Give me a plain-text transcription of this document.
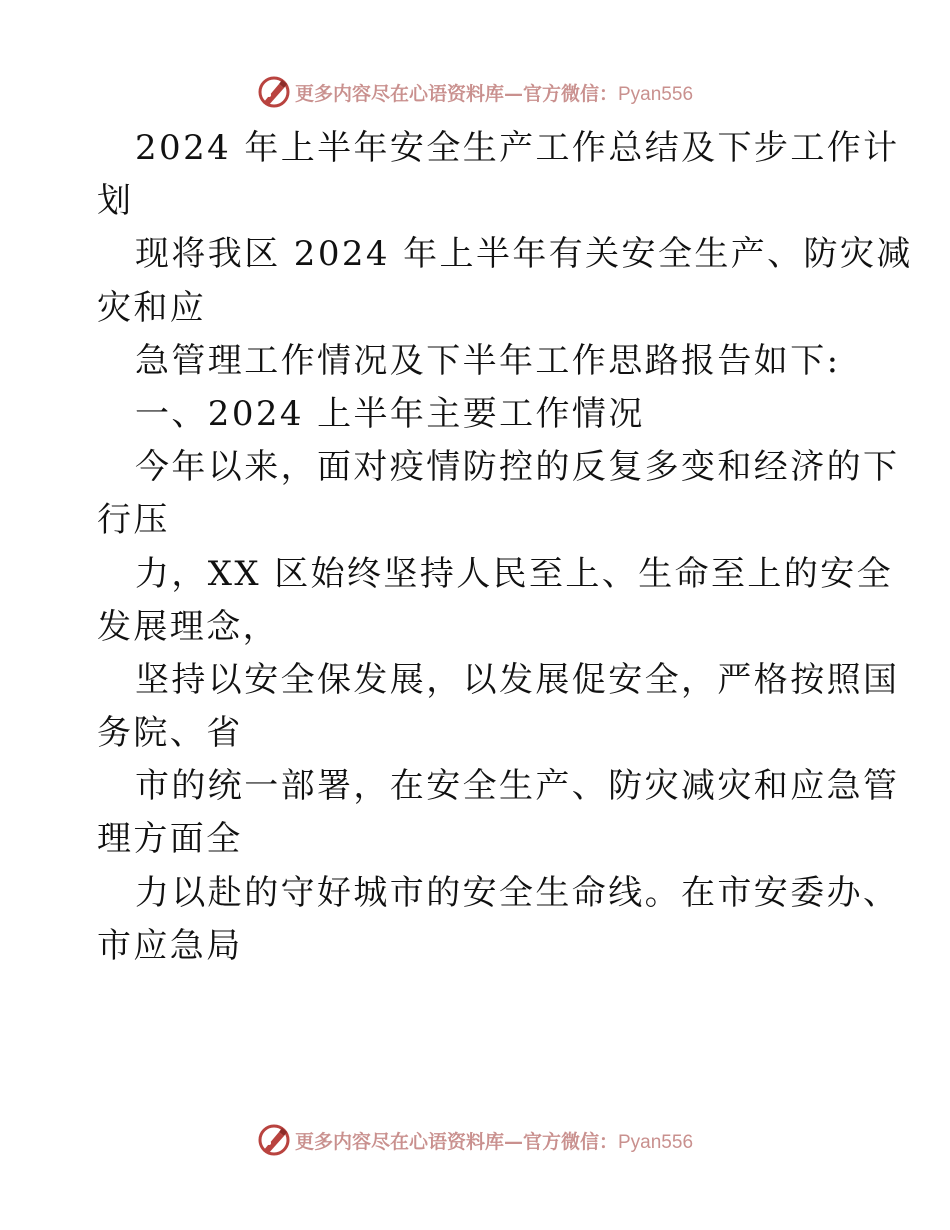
更多内容尽在心语资料库—官方微信：Pyan556
2024 年上半年安全生产工作总结及下步工作计
划
现将我区 2024 年上半年有关安全生产、防灾减
灾和应
急管理工作情况及下半年工作思路报告如下:
一、2024 上半年主要工作情况
今年以来，面对疫情防控的反复多变和经济的下
行压
力，XX 区始终坚持人民至上、生命至上的安全
发展理念，
坚持以安全保发展，以发展促安全，严格按照国
务院、省
市的统一部署，在安全生产、防灾减灾和应急管
理方面全
力以赴的守好城市的安全生命线。在市安委办、
市应急局
更多内容尽在心语资料库—官方微信：Pyan556
